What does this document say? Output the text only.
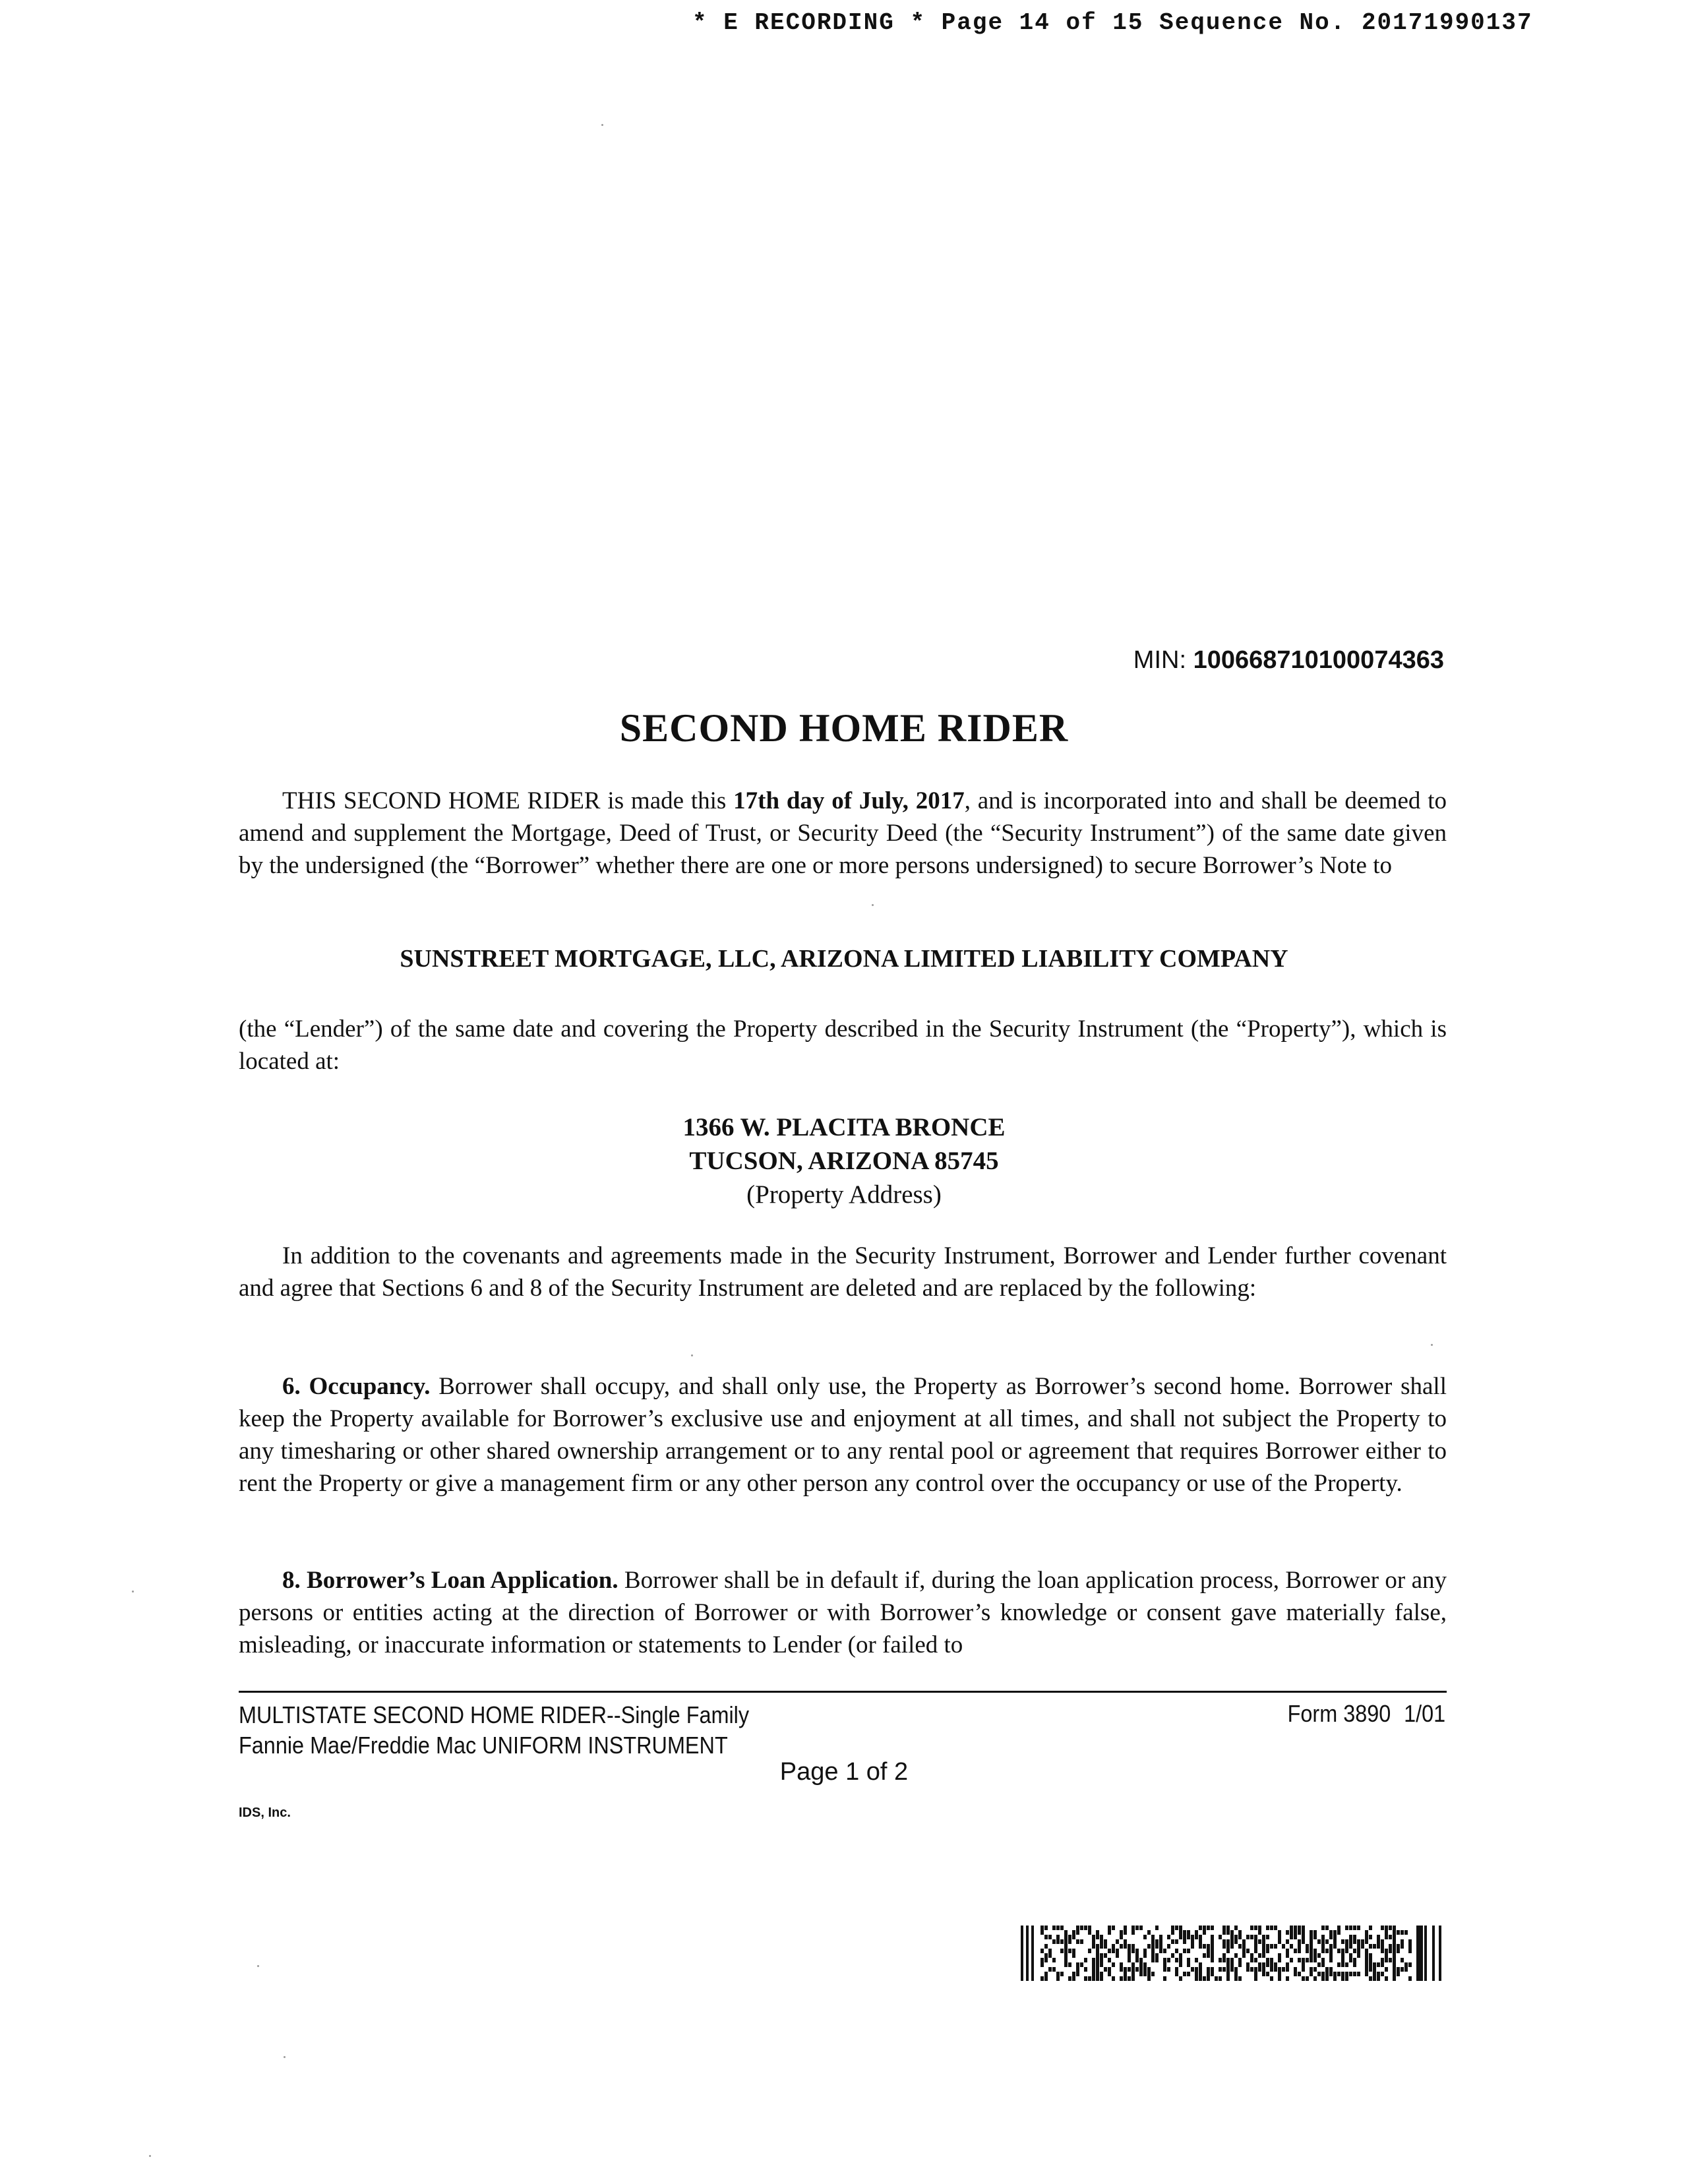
* E RECORDING * Page 14 of 15 Sequence No. 20171990137
MIN: 100668710100074363
SECOND HOME RIDER

THIS SECOND HOME RIDER is made this 17th day of July, 2017, and is incorporated into and shall be deemed to amend and supplement the Mortgage, Deed of Trust, or Security Deed (the “Security Instrument”) of the same date given by the undersigned (the “Borrower” whether there are one or more persons undersigned) to secure Borrower’s Note to

SUNSTREET MORTGAGE, LLC, ARIZONA LIMITED LIABILITY COMPANY

(the “Lender”) of the same date and covering the Property described in the Security Instrument (the “Property”), which is located at:

1366 W. PLACITA BRONCE
TUCSON, ARIZONA 85745
(Property Address)

In addition to the covenants and agreements made in the Security Instrument, Borrower and Lender further covenant and agree that Sections 6 and 8 of the Security Instrument are deleted and are replaced by the following:

6. Occupancy. Borrower shall occupy, and shall only use, the Property as Borrower’s second home. Borrower shall keep the Property available for Borrower’s exclusive use and enjoyment at all times, and shall not subject the Property to any timesharing or other shared ownership arrangement or to any rental pool or agreement that requires Borrower either to rent the Property or give a management firm or any other person any control over the occupancy or use of the Property.

8. Borrower’s Loan Application. Borrower shall be in default if, during the loan application process, Borrower or any persons or entities acting at the direction of Borrower or with Borrower’s knowledge or consent gave materially false, misleading, or inaccurate information or statements to Lender (or failed to

MULTISTATE SECOND HOME RIDER--Single Family
Fannie Mae/Freddie Mac UNIFORM INSTRUMENT
Form 3890 1/01
Page 1 of 2
IDS, Inc.
